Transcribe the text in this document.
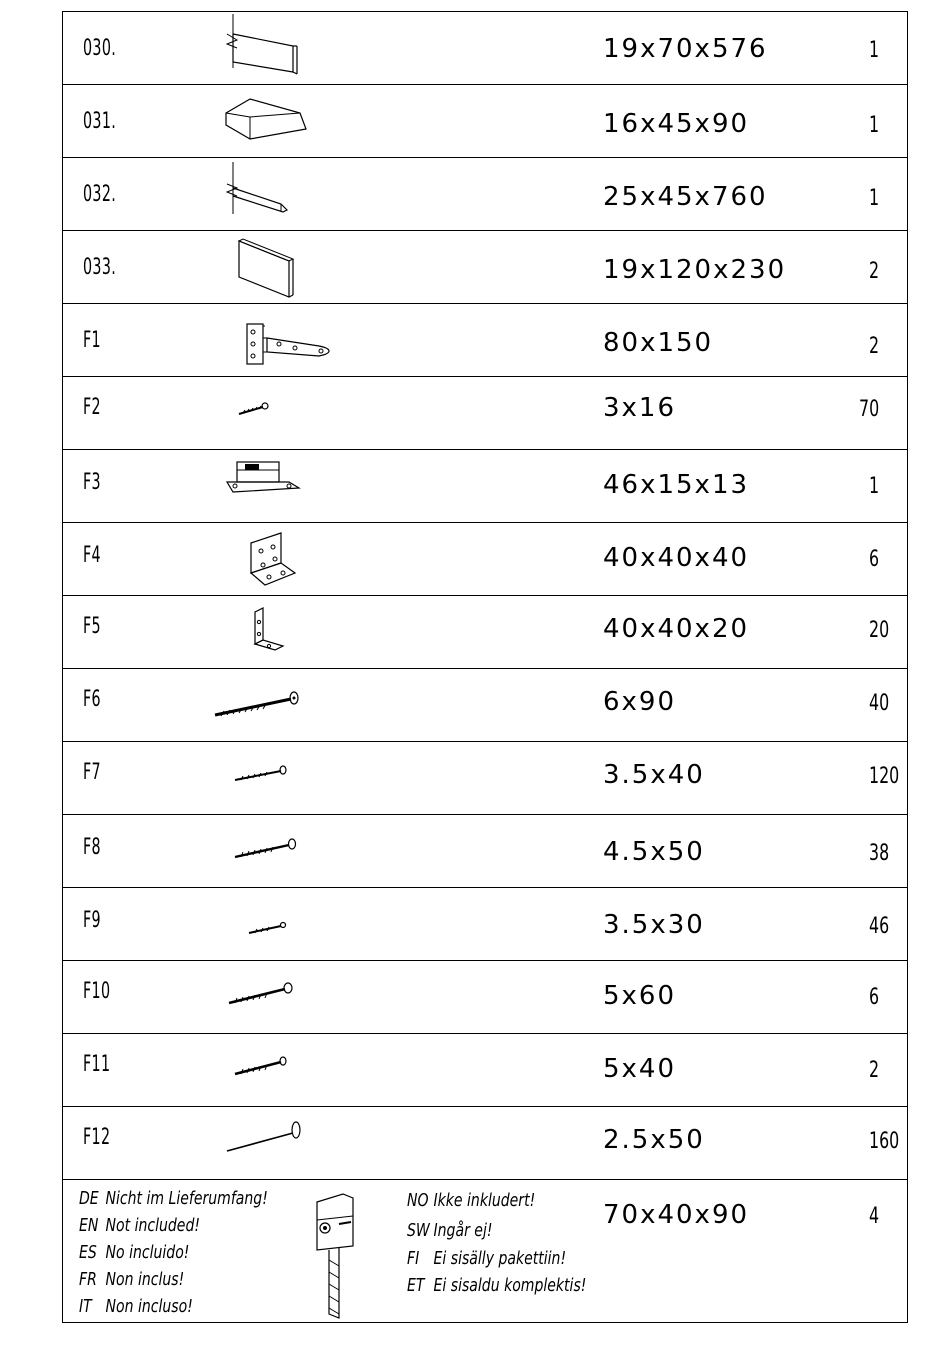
030.	19x70x576	1
031.	16x45x90	1
032.	25x45x760	1
033.	19x120x230	2
F1	80x150	2
F2	3x16	70
F3	46x15x13	1
F4	40x40x40	6
F5	40x40x20	20
F6	6x90	40
F7	3.5x40	120
F8	4.5x50	38
F9	3.5x30	46
F10	5x60	6
F11	5x40	2
F12	2.5x50	160
DE Nicht im Lieferumfang!
EN Not included!
ES No incluido!
FR Non inclus!
IT Non incluso!
NO Ikke inkludert!
SW Ingår ej!
FI Ei sisälly pakettiin!
ET Ei sisaldu komplektis!
70x40x90	4
